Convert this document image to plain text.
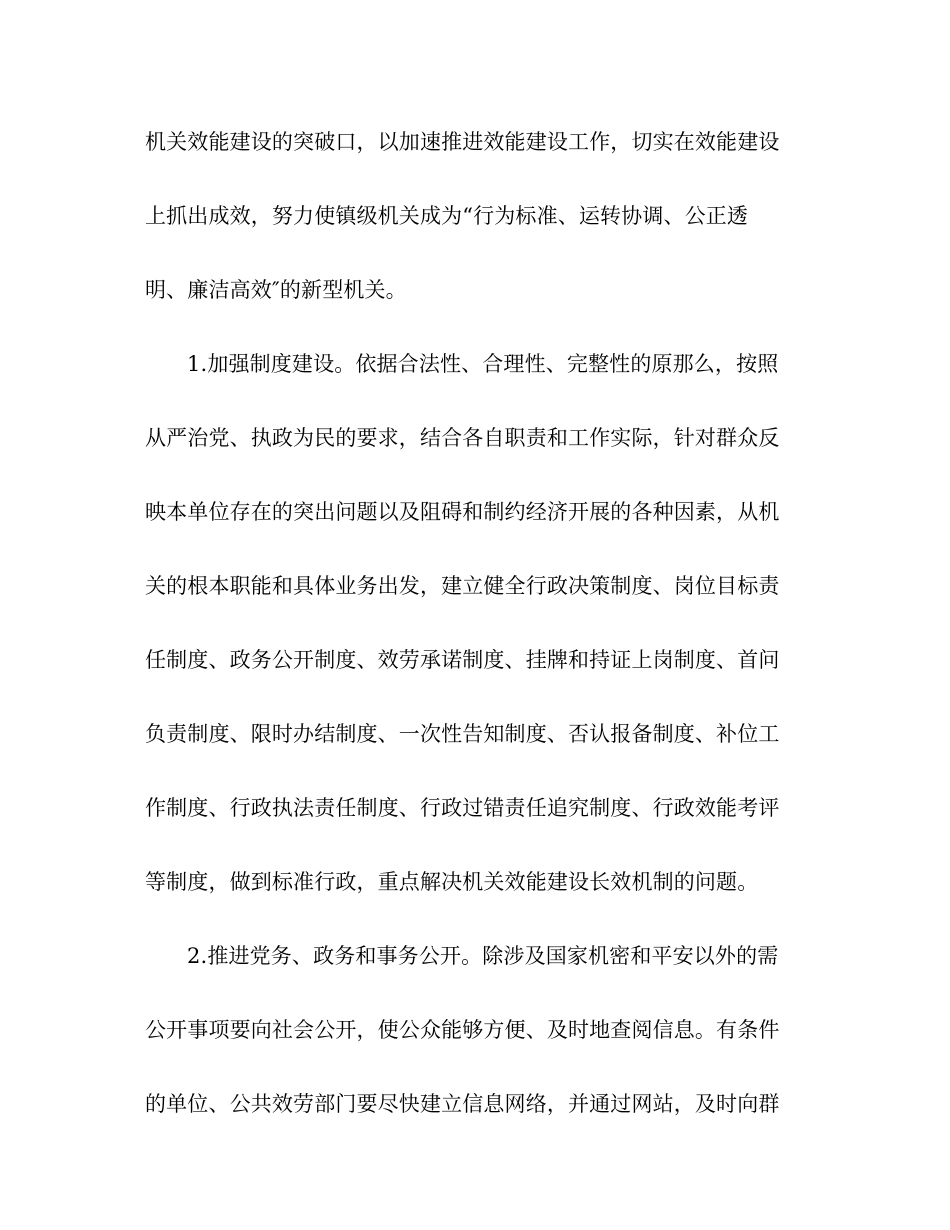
机关效能建设的突破口，以加速推进效能建设工作，切实在效能建设
上抓出成效，努力使镇级机关成为“行为标准、运转协调、公正透
明、廉洁高效″的新型机关。
1.加强制度建设。依据合法性、合理性、完整性的原那么，按照
从严治党、执政为民的要求，结合各自职责和工作实际，针对群众反
映本单位存在的突出问题以及阻碍和制约经济开展的各种因素，从机
关的根本职能和具体业务出发，建立健全行政决策制度、岗位目标责
任制度、政务公开制度、效劳承诺制度、挂牌和持证上岗制度、首问
负责制度、限时办结制度、一次性告知制度、否认报备制度、补位工
作制度、行政执法责任制度、行政过错责任追究制度、行政效能考评
等制度，做到标准行政，重点解决机关效能建设长效机制的问题。
2.推进党务、政务和事务公开。除涉及国家机密和平安以外的需
公开事项要向社会公开，使公众能够方便、及时地查阅信息。有条件
的单位、公共效劳部门要尽快建立信息网络，并通过网站，及时向群
